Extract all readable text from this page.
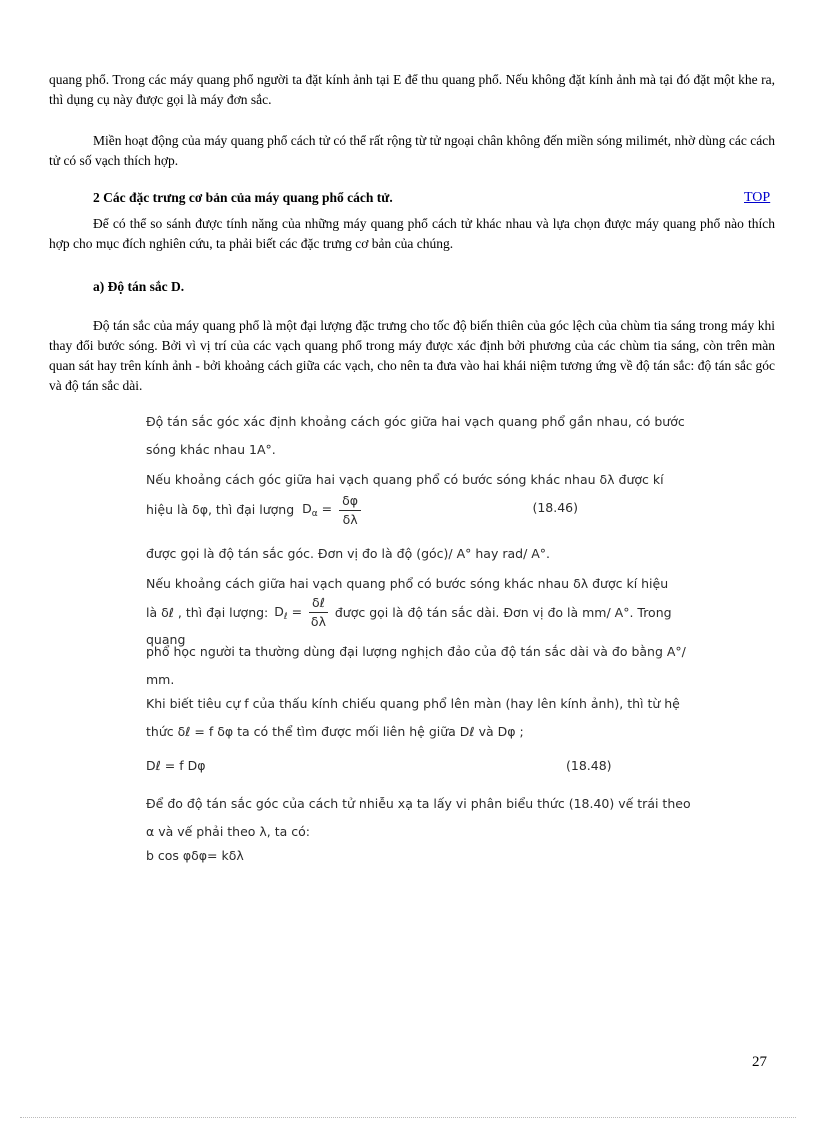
quang phổ. Trong các máy quang phổ người ta đặt kính ảnh tại E để thu quang phổ. Nếu không đặt kính ảnh mà tại đó đặt một khe ra, thì dụng cụ này được gọi là máy đơn sắc.
Miền hoạt động của máy quang phổ cách tử có thể rất rộng từ tử ngoại chân không đến miền sóng milimét, nhờ dùng các cách tử có số vạch thích hợp.
2 Các đặc trưng cơ bản của máy quang phổ cách tử.	TOP
Để có thể so sánh được tính năng của những máy quang phổ cách tử khác nhau và lựa chọn được máy quang phổ nào thích hợp cho mục đích nghiên cứu, ta phải biết các đặc trưng cơ bản của chúng.
a) Độ tán sắc D.
Độ tán sắc của máy quang phổ là một đại lượng đặc trưng cho tốc độ biến thiên của góc lệch của chùm tia sáng trong máy khi thay đổi bước sóng. Bởi vì vị trí của các vạch quang phổ trong máy được xác định bởi phương của các chùm tia sáng, còn trên màn quan sát hay trên kính ảnh - bởi khoảng cách giữa các vạch, cho nên ta đưa vào hai khái niệm tương ứng về độ tán sắc: độ tán sắc góc và độ tán sắc dài.
Độ tán sắc góc xác định khoảng cách góc giữa hai vạch quang phổ gần nhau, có bước sóng khác nhau 1A°.
Nếu khoảng cách góc giữa hai vạch quang phổ có bước sóng khác nhau δλ được kí
hiệu là δφ, thì đại lượng $D_\alpha = \frac{\delta\varphi}{\delta\lambda}$	(18.46)
được gọi là độ tán sắc góc. Đơn vị đo là độ (góc)/ A° hay rad/ A°.
Nếu khoảng cách giữa hai vạch quang phổ có bước sóng khác nhau δλ được kí hiệu
là δℓ , thì đại lượng: $D_\ell = \frac{\text{δℓ}}{\delta\lambda}$ được gọi là độ tán sắc dài. Đơn vị đo là mm/ A°. Trong quang
phổ học người ta thường dùng đại lượng nghịch đảo của độ tán sắc dài và đo bằng A°/ mm.
Khi biết tiêu cự f của thấu kính chiếu quang phổ lên màn (hay lên kính ảnh), thì từ hệ thức δℓ = f δφ ta có thể tìm được mối liên hệ giữa Dℓ và Dφ ;
Dℓ = f Dφ	(18.48)
Để đo độ tán sắc góc của cách tử nhiễu xạ ta lấy vi phân biểu thức (18.40) vế trái theo α và vế phải theo λ, ta có:
b cos φδφ= kδλ
27
